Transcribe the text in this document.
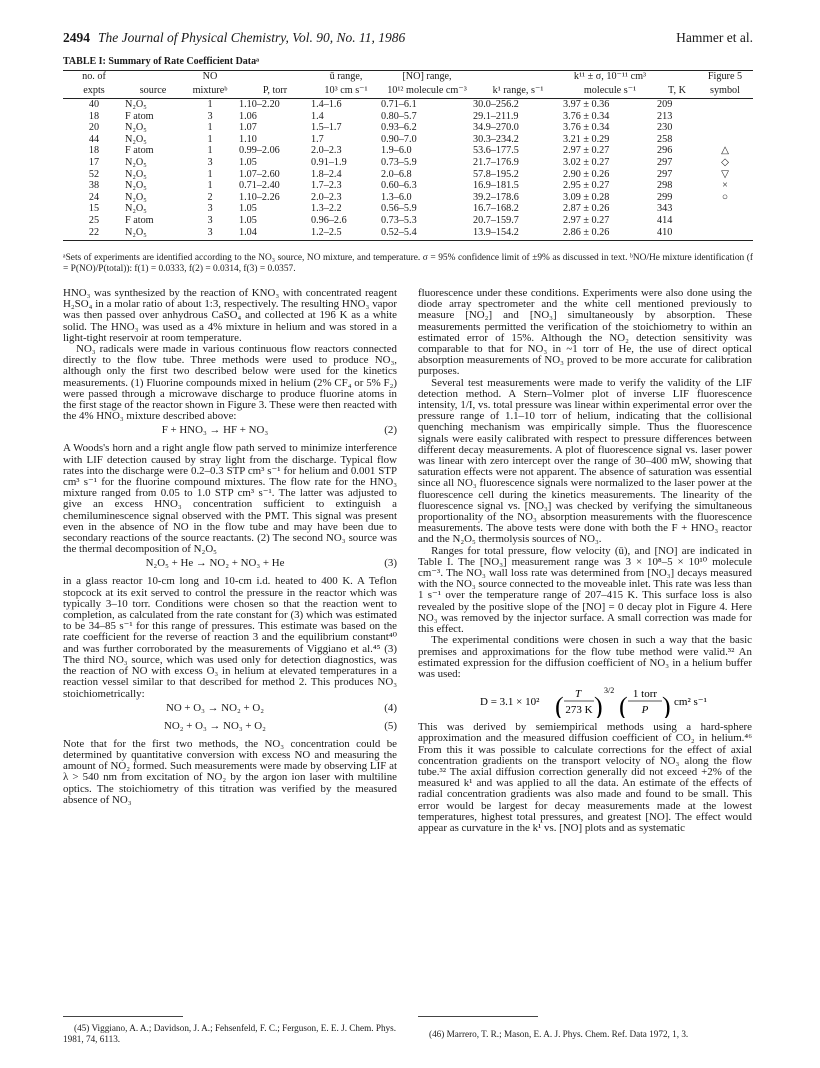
2494 The Journal of Physical Chemistry, Vol. 90, No. 11, 1986	Hammer et al.
TABLE I: Summary of Rate Coefficient Dataᵃ
no. of		NO		ū range,	[NO] range,		k¹¹ ± σ, 10⁻¹¹ cm³		Figure 5
expts	source	mixtureᵇ	P, torr	10³ cm s⁻¹	10¹² molecule cm⁻³	k¹ range, s⁻¹	molecule s⁻¹	T, K	symbol
40	N₂O₅	1	1.10–2.20	1.4–1.6	0.71–6.1	30.0–256.2	3.97 ± 0.36	209	
18	F atom	3	1.06	1.4	0.80–5.7	29.1–211.9	3.76 ± 0.34	213	
20	N₂O₅	1	1.07	1.5–1.7	0.93–6.2	34.9–270.0	3.76 ± 0.34	230	
44	N₂O₅	1	1.10	1.7	0.90–7.0	30.3–234.2	3.21 ± 0.29	258	
18	F atom	1	0.99–2.06	2.0–2.3	1.9–6.0	53.6–177.5	2.97 ± 0.27	296	△
17	N₂O₅	3	1.05	0.91–1.9	0.73–5.9	21.7–176.9	3.02 ± 0.27	297	◇
52	N₂O₅	1	1.07–2.60	1.8–2.4	2.0–6.8	57.8–195.2	2.90 ± 0.26	297	▽
38	N₂O₅	1	0.71–2.40	1.7–2.3	0.60–6.3	16.9–181.5	2.95 ± 0.27	298	×
24	N₂O₅	2	1.10–2.26	2.0–2.3	1.3–6.0	39.2–178.6	3.09 ± 0.28	299	○
15	N₂O₅	3	1.05	1.3–2.2	0.56–5.9	16.7–168.2	2.87 ± 0.26	343	
25	F atom	3	1.05	0.96–2.6	0.73–5.3	20.7–159.7	2.97 ± 0.27	414	
22	N₂O₅	3	1.04	1.2–2.5	0.52–5.4	13.9–154.2	2.86 ± 0.26	410	
ᵃSets of experiments are identified according to the NO₃ source, NO mixture, and temperature. σ = 95% confidence limit of ±9% as discussed in text. ᵇNO/He mixture identification (f = P(NO)/P(total)): f(1) = 0.0333, f(2) = 0.0314, f(3) = 0.0357.

HNO₃ was synthesized by the reaction of KNO₃ with concentrated reagent H₂SO₄ in a molar ratio of about 1:3, respectively. The resulting HNO₃ vapor was then passed over anhydrous CaSO₄ and collected at 196 K as a white solid. The HNO₃ was used as a 4% mixture in helium and was stored in a light-tight reservoir at room temperature.

NO₃ radicals were made in various continuous flow reactors connected directly to the flow tube. Three methods were used to produce NO₃, although only the first two described below were used for the kinetics measurements. (1) Fluorine compounds mixed in helium (2% CF₄ or 5% F₂) were passed through a microwave discharge to produce fluorine atoms in the first stage of the reactor shown in Figure 3. These were then reacted with the 4% HNO₃ mixture described above:

F + HNO₃ → HF + NO₃	(2)

A Woods's horn and a right angle flow path served to minimize interference with LIF detection caused by stray light from the discharge. Typical flow rates into the discharge were 0.2–0.3 STP cm³ s⁻¹ for helium and 0.001 STP cm³ s⁻¹ for the fluorine compound mixtures. The flow rate for the HNO₃ mixture ranged from 0.05 to 1.0 STP cm³ s⁻¹. The latter was adjusted to give an excess HNO₃ concentration sufficient to extinguish a chemiluminescence signal observed with the PMT. This signal was present even in the absence of NO in the flow tube and may have been due to secondary reactions of the source reactants. (2) The second NO₃ source was the thermal decomposition of N₂O₅

N₂O₅ + He → NO₂ + NO₃ + He	(3)

in a glass reactor 10-cm long and 10-cm i.d. heated to 400 K. A Teflon stopcock at its exit served to control the pressure in the reactor which was typically 3–10 torr. Conditions were chosen so that the reaction went to completion, as calculated from the rate constant for (3) which was estimated to be 34–85 s⁻¹ for this range of pressures. This estimate was based on the rate coefficient for the reverse of reaction 3 and the equilibrium constant⁴⁰ and was further corroborated by the measurements of Viggiano et al.⁴⁵ (3) The third NO₃ source, which was used only for detection diagnostics, was the reaction of NO with excess O₃ in helium at elevated temperatures in a reaction vessel similar to that described for method 2. This produces NO₃ stoichiometrically:

NO + O₃ → NO₂ + O₂	(4)
NO₂ + O₃ → NO₃ + O₂	(5)

Note that for the first two methods, the NO₃ concentration could be determined by quantitative conversion with excess NO and measuring the amount of NO₂ formed. Such measurements were made by observing LIF at λ > 540 nm from excitation of NO₂ by the argon ion laser with multiline optics. The stoichiometry of this titration was verified by the measured absence of NO₃

fluorescence under these conditions. Experiments were also done using the diode array spectrometer and the white cell mentioned previously to measure [NO₂] and [NO₃] simultaneously by absorption. These measurements permitted the verification of the stoichiometry to within an estimated error of 15%. Although the NO₂ detection sensitivity was comparable to that for NO₃ in ~1 torr of He, the use of direct optical absorption measurements of NO₃ proved to be more accurate for calibration purposes.

Several test measurements were made to verify the validity of the LIF detection method. A Stern–Volmer plot of inverse LIF fluorescence intensity, 1/I, vs. total pressure was linear within experimental error over the pressure range of 1.1–10 torr of helium, indicating that the collisional quenching mechanism was empirically simple. Thus the fluorescence signals were easily calibrated with respect to pressure differences between different decay measurements. A plot of fluorescence signal vs. laser power was linear with zero intercept over the range of 30–400 mW, showing that saturation effects were not apparent. The absence of saturation was essential since all NO₃ fluorescence signals were normalized to the laser power at the fluorescence cell during the kinetics measurements. The linearity of the fluorescence signal vs. [NO₃] was checked by verifying the simultaneous proportionality of the NO₃ absorption measurements with the fluorescence measurements. The above tests were done with both the F + HNO₃ reactor and the N₂O₅ thermolysis sources of NO₃.

Ranges for total pressure, flow velocity (ū), and [NO] are indicated in Table I. The [NO₃] measurement range was 3 × 10⁸–5 × 10¹⁰ molecule cm⁻³. The NO₃ wall loss rate was determined from [NO₃] decays measured with the NO₃ source connected to the moveable inlet. This rate was less than 1 s⁻¹ over the temperature range of 207–415 K. This surface loss is also revealed by the positive slope of the [NO] = 0 decay plot in Figure 4. Here NO₃ was removed by the injector surface. A small correction was made for this effect.

The experimental conditions were chosen in such a way that the basic premises and approximations for the flow tube method were valid.³² An estimated expression for the diffusion coefficient of NO₃ in a helium buffer was used:

D = 3.1 × 10² ( T
273 K )
3/2
( 1 torr
P ) cm² s⁻¹

This was derived by semiempirical methods using a hard-sphere approximation and the measured diffusion coefficient of CO₂ in helium.⁴⁶ From this it was possible to calculate corrections for the effect of axial concentration gradients on the transport velocity of NO₃ along the flow tube.³² The axial diffusion correction generally did not exceed +2% of the measured k¹ and was applied to all the data. An estimate of the effects of radial concentration gradients was also made and found to be small. This error would be largest for decay measurements made at the lowest temperatures, highest total pressures, and greatest [NO]. The effect would appear as curvature in the k¹ vs. [NO] plots and as systematic

(45) Viggiano, A. A.; Davidson, J. A.; Fehsenfeld, F. C.; Ferguson, E. E. J. Chem. Phys. 1981, 74, 6113.	(46) Marrero, T. R.; Mason, E. A. J. Phys. Chem. Ref. Data 1972, 1, 3.
